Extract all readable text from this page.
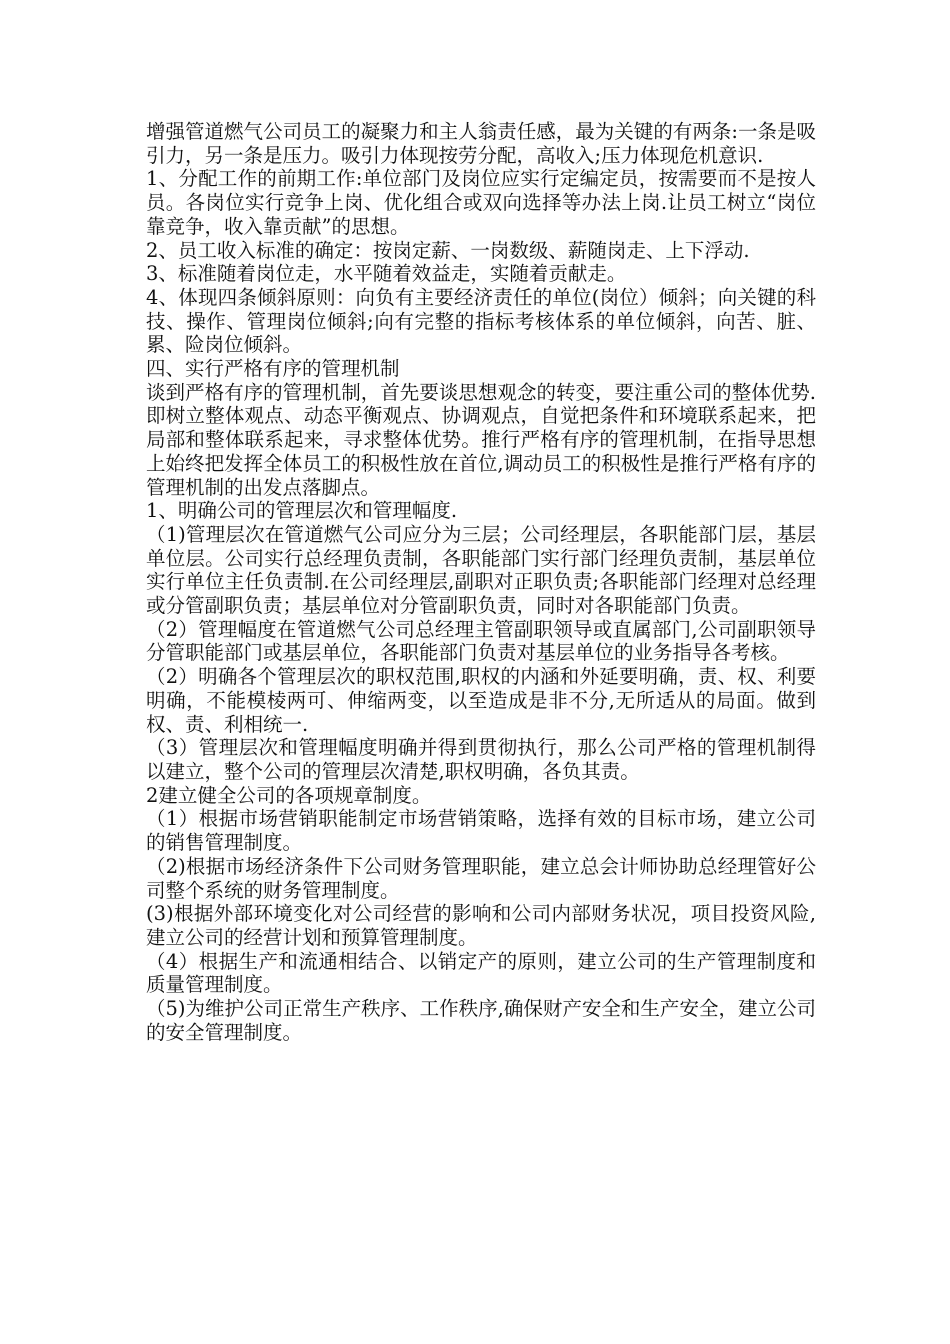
增强管道燃气公司员工的凝聚力和主人翁责任感，最为关键的有两条:一条是吸引力，另一条是压力。吸引力体现按劳分配，高收入;压力体现危机意识.

1、分配工作的前期工作:单位部门及岗位应实行定编定员，按需要而不是按人员。各岗位实行竞争上岗、优化组合或双向选择等办法上岗.让员工树立“岗位靠竞争，收入靠贡献”的思想。

2、员工收入标准的确定：按岗定薪、一岗数级、薪随岗走、上下浮动.

3、标准随着岗位走，水平随着效益走，实随着贡献走。

4、体现四条倾斜原则：向负有主要经济责任的单位(岗位）倾斜；向关键的科技、操作、管理岗位倾斜;向有完整的指标考核体系的单位倾斜，向苦、脏、累、险岗位倾斜。

四、实行严格有序的管理机制

谈到严格有序的管理机制，首先要谈思想观念的转变，要注重公司的整体优势.即树立整体观点、动态平衡观点、协调观点，自觉把条件和环境联系起来，把局部和整体联系起来，寻求整体优势。推行严格有序的管理机制，在指导思想上始终把发挥全体员工的积极性放在首位,调动员工的积极性是推行严格有序的管理机制的出发点落脚点。

1、明确公司的管理层次和管理幅度.

（1)管理层次在管道燃气公司应分为三层；公司经理层，各职能部门层，基层单位层。公司实行总经理负责制，各职能部门实行部门经理负责制，基层单位实行单位主任负责制.在公司经理层,副职对正职负责;各职能部门经理对总经理或分管副职负责；基层单位对分管副职负责，同时对各职能部门负责。

（2）管理幅度在管道燃气公司总经理主管副职领导或直属部门,公司副职领导分管职能部门或基层单位，各职能部门负责对基层单位的业务指导各考核。

（2）明确各个管理层次的职权范围,职权的内涵和外延要明确，责、权、利要明确，不能模棱两可、伸缩两变，以至造成是非不分,无所适从的局面。做到权、责、利相统一.

（3）管理层次和管理幅度明确并得到贯彻执行，那么公司严格的管理机制得以建立，整个公司的管理层次清楚,职权明确，各负其责。

2建立健全公司的各项规章制度。

（1）根据市场营销职能制定市场营销策略，选择有效的目标市场，建立公司的销售管理制度。

（2)根据市场经济条件下公司财务管理职能，建立总会计师协助总经理管好公司整个系统的财务管理制度。

(3)根据外部环境变化对公司经营的影响和公司内部财务状况，项目投资风险,建立公司的经营计划和预算管理制度。

（4）根据生产和流通相结合、以销定产的原则，建立公司的生产管理制度和质量管理制度。

（5)为维护公司正常生产秩序、工作秩序,确保财产安全和生产安全，建立公司的安全管理制度。
